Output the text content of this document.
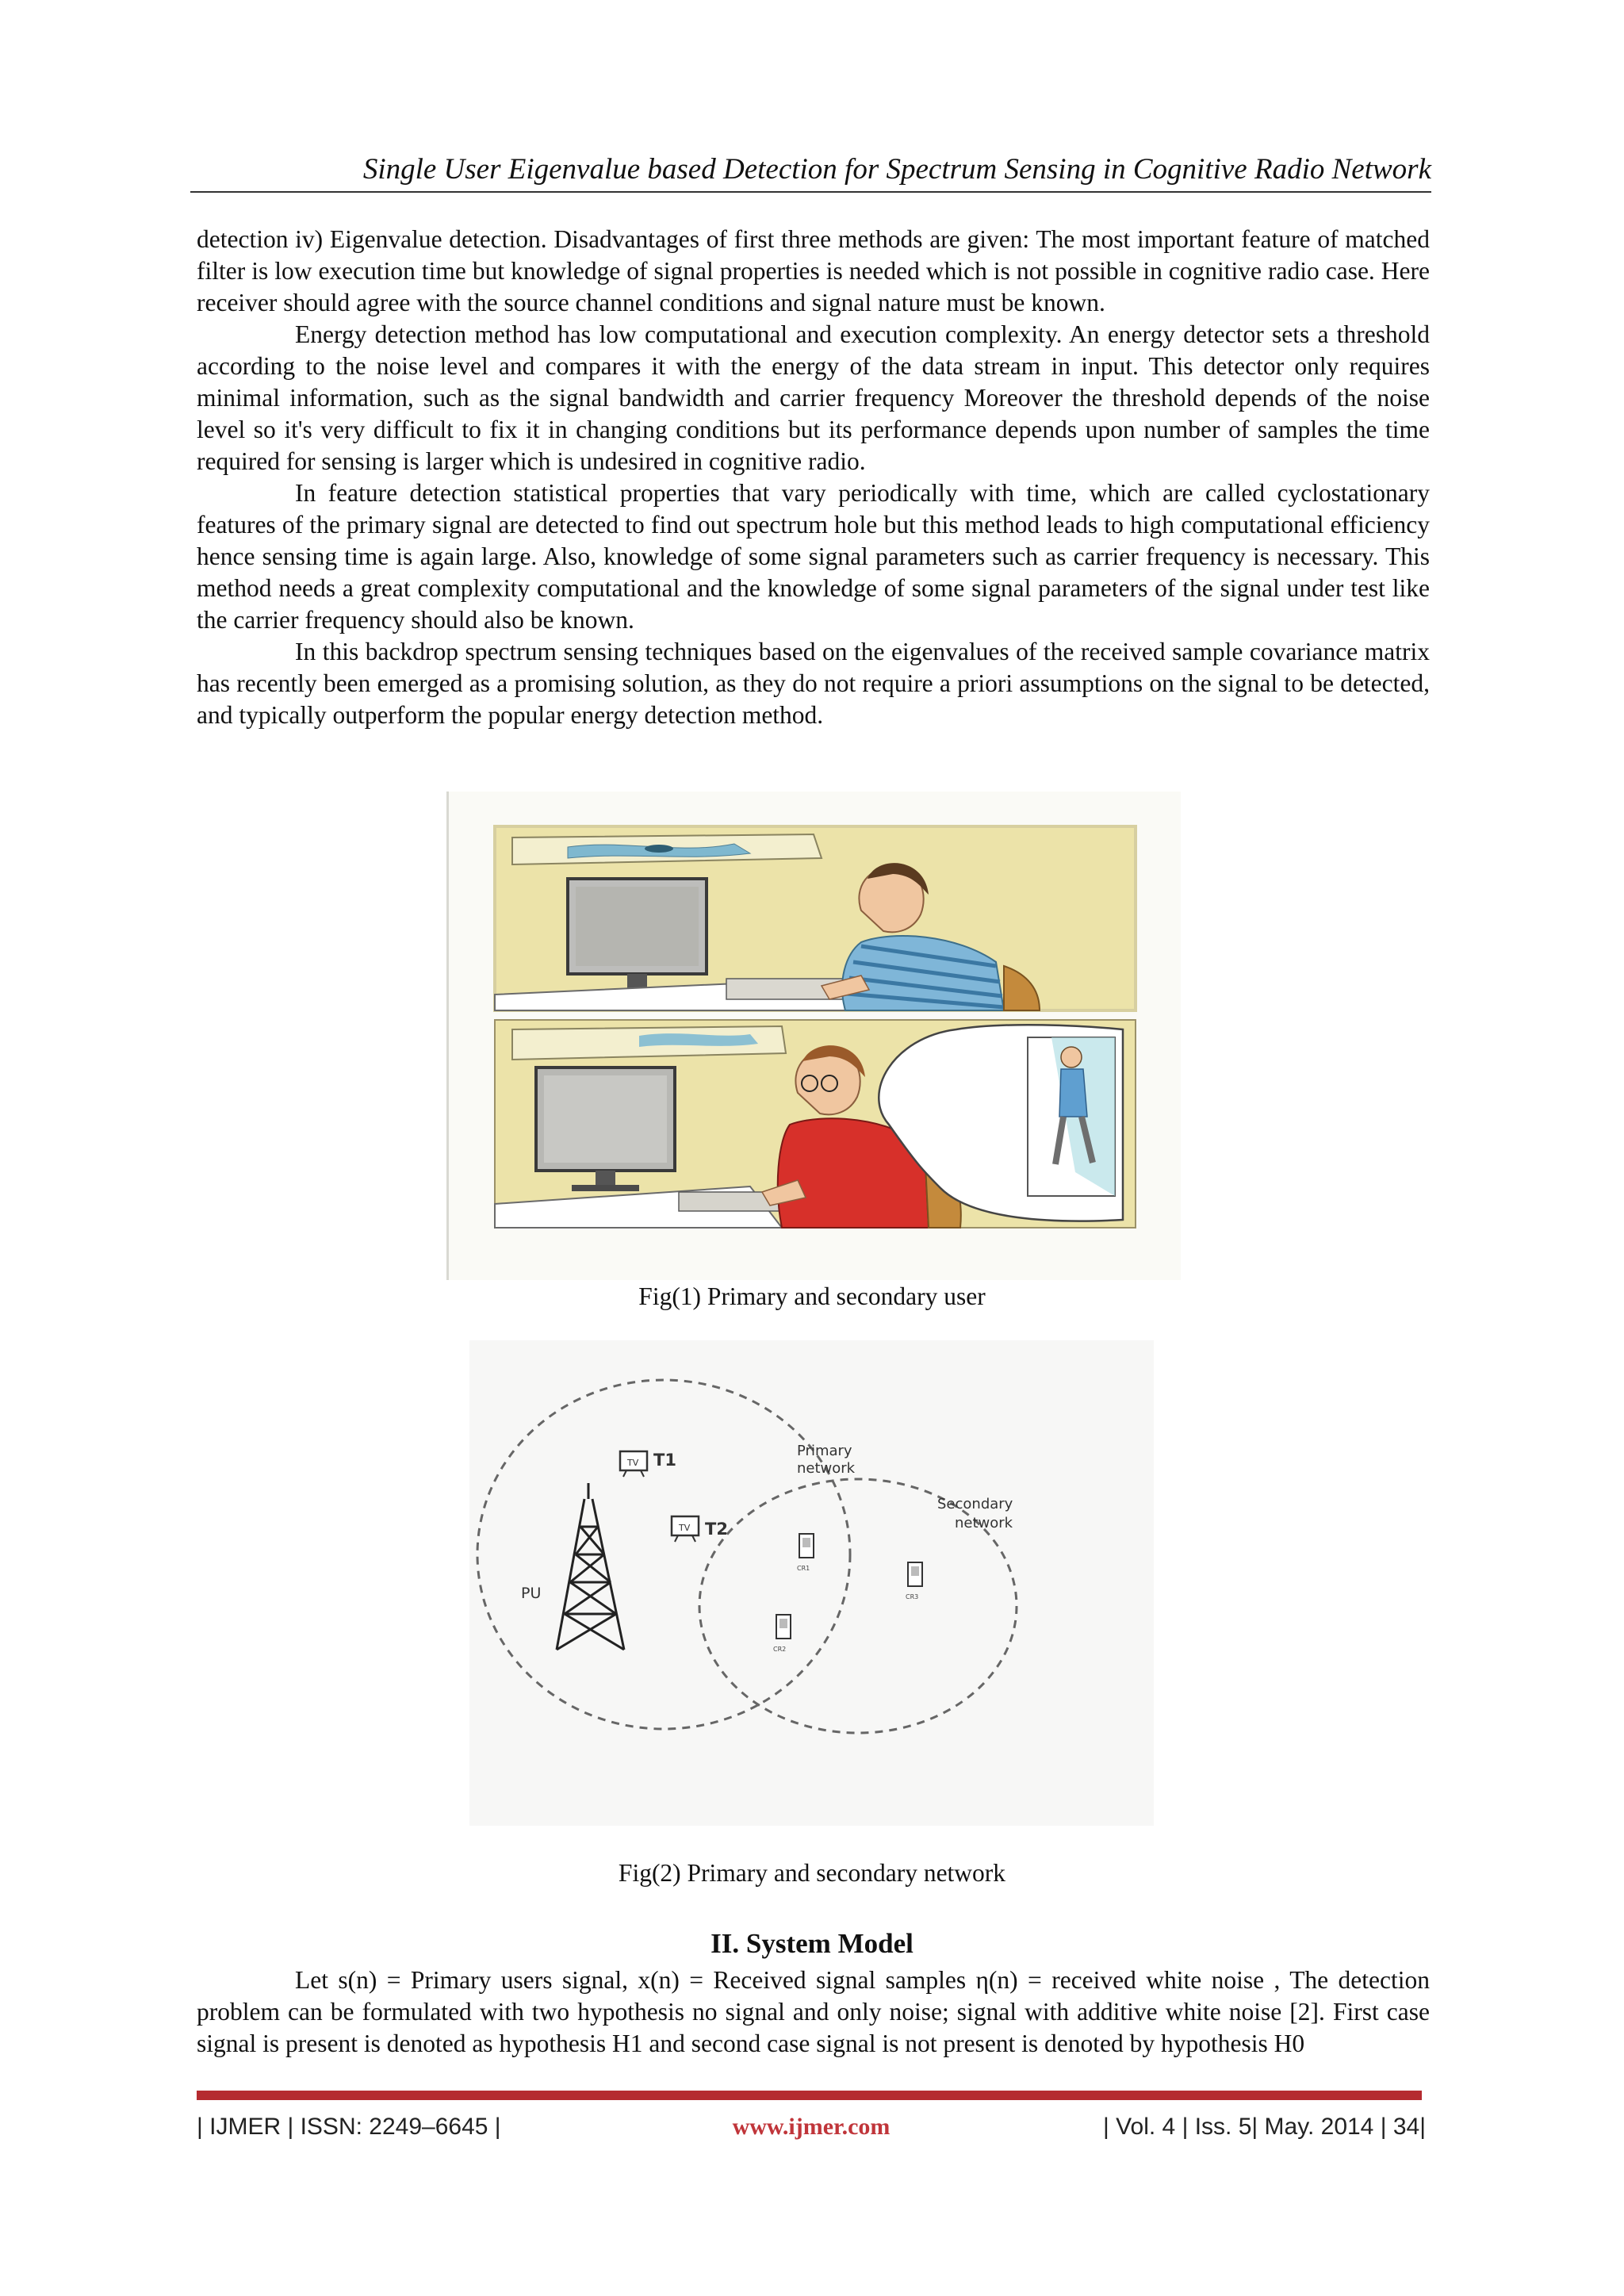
Single User Eigenvalue based Detection for Spectrum Sensing in Cognitive Radio Network

detection iv) Eigenvalue detection. Disadvantages of first three methods are given: The most important feature of matched filter is low execution time but knowledge of signal properties is needed which is not possible in cognitive radio case. Here receiver should agree with the source channel conditions and signal nature must be known.

Energy detection method has low computational and execution complexity. An energy detector sets a threshold according to the noise level and compares it with the energy of the data stream in input. This detector only requires minimal information, such as the signal bandwidth and carrier frequency Moreover the threshold depends of the noise level so it's very difficult to fix it in changing conditions but its performance depends upon number of samples the time required for sensing is larger which is undesired in cognitive radio.

In feature detection statistical properties that vary periodically with time, which are called cyclostationary features of the primary signal are detected to find out spectrum hole but this method leads to high computational efficiency hence sensing time is again large. Also, knowledge of some signal parameters such as carrier frequency is necessary. This method needs a great complexity computational and the knowledge of some signal parameters of the signal under test like the carrier frequency should also be known.

In this backdrop spectrum sensing techniques based on the eigenvalues of the received sample covariance matrix has recently been emerged as a promising solution, as they do not require a priori assumptions on the signal to be detected, and typically outperform the popular energy detection method.

Fig(1) Primary and secondary user
TV T1
TV T2
PU
Primary
network
Secondary
network
CR1
CR2
CR3
Fig(2) Primary and secondary network
II. System Model

Let s(n) = Primary users signal, x(n) = Received signal samples η(n) = received white noise , The detection problem can be formulated with two hypothesis no signal and only noise; signal with additive white noise [2]. First case signal is present is denoted as hypothesis H1 and second case signal is not present is denoted by hypothesis H0

| IJMER | ISSN: 2249–6645 |	www.ijmer.com	| Vol. 4 | Iss. 5| May. 2014 | 34|
